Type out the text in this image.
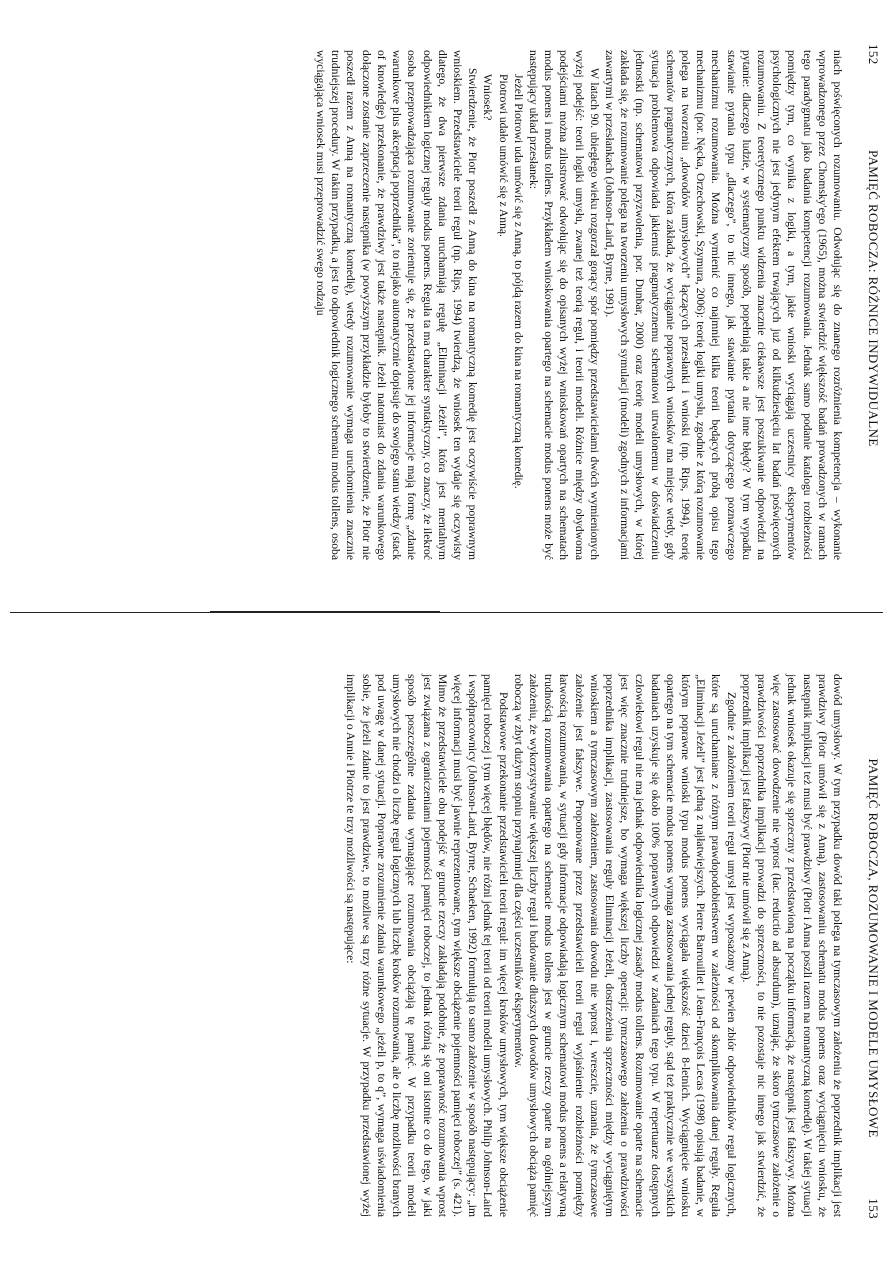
152
PAMIĘĆ ROBOCZA: RÓŻNICE INDYWIDUALNE

niach poświęconych rozumowaniu. Odwołując się do znanego rozróżnienia kompetencja – wykonanie wprowadzonego przez Chomsky'ego (1965), można stwierdzić większość badań prowadzonych w ramach tego paradygmatu jako badania kompetencji rozumowania. Jednak samo podanie katalogu rozbieżności pomiędzy tym, co wynika z logiki, a tym, jakie wnioski wyciągają uczestnicy eksperymentów psychologicznych nie jest jedynym efektem trwających już od kilkudziesięciu lat badań poświęconych rozumowaniu. Z teoretycznego punktu widzenia znacznie ciekawsze jest poszukiwanie odpowiedzi na pytanie: dlaczego ludzie, w systematyczny sposób, popełniają takie a nie inne błędy? W tym wypadku stawianie pytania typu „dlaczego”, to nic innego, jak stawianie pytania dotyczącego poznawczego mechanizmu rozumowania. Można wymienić co najmniej kilka teorii będących próbą opisu tego mechanizmu (por. Nęcka, Orzechowski, Szymura, 2006): teorię logiki umysłu, zgodnie z którą rozumowanie polega na tworzeniu „dowodów umysłowych” łączących przesłanki i wnioski (np. Rips, 1994), teorię schematów pragmatycznych, która zakłada, że wyciąganie poprawnych wniosków ma miejsce wtedy, gdy sytuacja problemowa odpowiada jakiemuś pragmatycznemu schematowi utrwalonemu w doświadczeniu jednostki (np. schematowi przyzwolenia, por. Dunbar, 2000) oraz teorię modeli umysłowych, w której zakłada się, że rozumowanie polega na tworzeniu umysłowych symulacji (modeli) zgodnych z informacjami zawartymi w przesłankach (Johnson-Laird, Byrne, 1991).

W latach 90. ubiegłego wieku rozgorzał gorący spór pomiędzy przedstawicielami dwóch wymienionych wyżej podejść: teorii logiki umysłu, zwanej też teorią reguł, i teorii modeli. Różnice między obydwoma podejściami można zilustrować odwołując się do opisanych wyżej wnioskowań opartych na schematach modus ponens i modus tollens. Przykładem wnioskowania opartego na schemacie modus ponens może być następujący układ przesłanek:

Jeżeli Piotrowi uda umówić się z Anną, to pójdą razem do kina na romantyczną komedię.

Piotrowi udało umówić się z Anną.

Wniosek?

Stwierdzenie, że Piotr poszedł z Anną do kina na romantyczną komedię jest oczywiście poprawnym wnioskiem. Przedstawiciele teorii reguł (np. Rips, 1994) twierdzą, że wniosek ten wydaje się oczywisty dlatego, że dwa pierwsze zdania uruchamiają regułę „Eliminacji Jeżeli”, która jest mentalnym odpowiednikiem logicznej reguły modus ponens. Reguła ta ma charakter syntaktyczny, co znaczy, że ilekroć osoba przeprowadzająca rozumowanie zorientuje się, że przedstawione jej informacje mają formę „zdanie warunkowe plus akceptacja poprzednika”, to niejako automatycznie dopisuje do swojego stanu wiedzy (stack of knowledge) przekonanie, że prawdziwy jest także następnik. Jeżeli natomiast do zdania warunkowego dołączone zostanie zaprzeczenie następnika (w powyższym przykładzie byłoby to stwierdzenie, że Piotr nie poszedł razem z Anną na romantyczną komedię), wtedy rozumowanie wymaga uruchomienia znacznie trudniejszej procedury. W takim przypadku, a jest to odpowiednik logicznego schematu modus tollens, osoba wyciągająca wniosek musi przeprowadzić swego rodzaju

PAMIĘĆ ROBOCZA, ROZUMOWANIE I MODELE UMYSŁOWE
153

dowód umysłowy. W tym przypadku dowód taki polega na tymczasowym założeniu że poprzednik implikacji jest prawdziwy (Piotr umówił się z Anną), zastosowaniu schematu modus ponens oraz wyciągnięciu wniosku, że następnik implikacji też musi być prawdziwy (Piotr i Anna poszli razem na romantyczną komedię). W takiej sytuacji jednak wniosek okazuje się sprzeczny z przedstawioną na początku informacją, że następnik jest fałszywy. Można więc zastosować dowodzenie nie wprost (łac. reductio ad absurdum), uznając, że skoro tymczasowe założenie o prawdziwości poprzednika implikacji prowadzi do sprzeczności, to nie pozostaje nic innego jak stwierdzić, że poprzednik implikacji jest fałszywy (Piotr nie umówił się z Anną).

Zgodnie z założeniem teorii reguł umysł jest wyposażony w pewien zbiór odpowiedników reguł logicznych, które są uruchamiane z różnym prawdopodobieństwem w zależności od skomplikowania danej reguły. Reguła „Eliminacji Jeżeli” jest jedną z najłatwiejszych. Pierre Barrouillet i Jean-François Lecas (1998) opisują badanie, w którym poprawne wnioski typu modus ponens wyciągała większość dzieci 8-letnich. Wyciągnięcie wniosku opartego na tym schemacie modus ponens wymaga zastosowania jednej reguły, stąd też praktycznie we wszystkich badaniach uzyskuje się około 100% poprawnych odpowiedzi w zadaniach tego typu. W repertuarze dostępnych człowiekowi reguł nie ma jednak odpowiednika logicznej zasady modus tollens. Rozumowanie oparte na schemacie jest więc znacznie trudniejsze, bo wymaga większej liczby operacji: tymczasowego założenia o prawdziwości poprzednika implikacji, zastosowania reguły Eliminacji Jeżeli, dostrzeżenia sprzeczności między wyciągniętym wnioskiem a tymczasowym założeniem, zastosowania dowodu nie wprost i, wreszcie, uznania, że tymczasowe założenie jest fałszywe. Proponowane przez przedstawicieli teorii reguł wyjaśnienie rozbieżności pomiędzy łatwością rozumowania, w sytuacji gdy informacje odpowiadają logicznym schematowi modus ponens a relatywną trudnością rozumowania opartego na schemacie modus tollens jest w gruncie rzeczy oparte na ogólniejszym założeniu, że wykorzystywanie większej liczby reguł i budowanie dłuższych dowodów umysłowych obciąża pamięć roboczą w zbyt dużym stopniu przynajmniej dla części uczestników eksperymentów.

Podstawowe przekonanie przedstawicieli teorii reguł: im więcej kroków umysłowych, tym większe obciążenie pamięci roboczej i tym więcej błędów, nie różni jednak tej teorii od teorii modeli umysłowych. Philip Johnson-Laird i współpracownicy (Johnson-Laird, Byrne, Schaeken, 1992) formułują to samo założenie w sposób następujący: „im więcej informacji musi być jawnie reprezentowane, tym większe obciążenie pojemności pamięci roboczej” (s. 421). Mimo że przedstawiciele obu podejść w gruncie rzeczy zakładają podobnie, że poprawność rozumowania wprost jest związana z ograniczeniami pojemności pamięci roboczej, to jednak różnią się oni istotnie co do tego, w jaki sposób poszczególne zadania wymagające rozumowania obciążają tę pamięć. W przypadku teorii modeli umysłowych nie chodzi o liczbę reguł logicznych lub liczbę kroków rozumowania, ale o liczbę możliwości branych pod uwagę w danej sytuacji. Poprawne zrozumienie zdania warunkowego „jeżeli p, to q”, wymaga uświadomienia sobie, że jeżeli zdanie to jest prawdziwe, to możliwe są trzy różne sytuacje. W przypadku przedstawionej wyżej implikacji o Annie i Piotrze te trzy możliwości są następujące:
